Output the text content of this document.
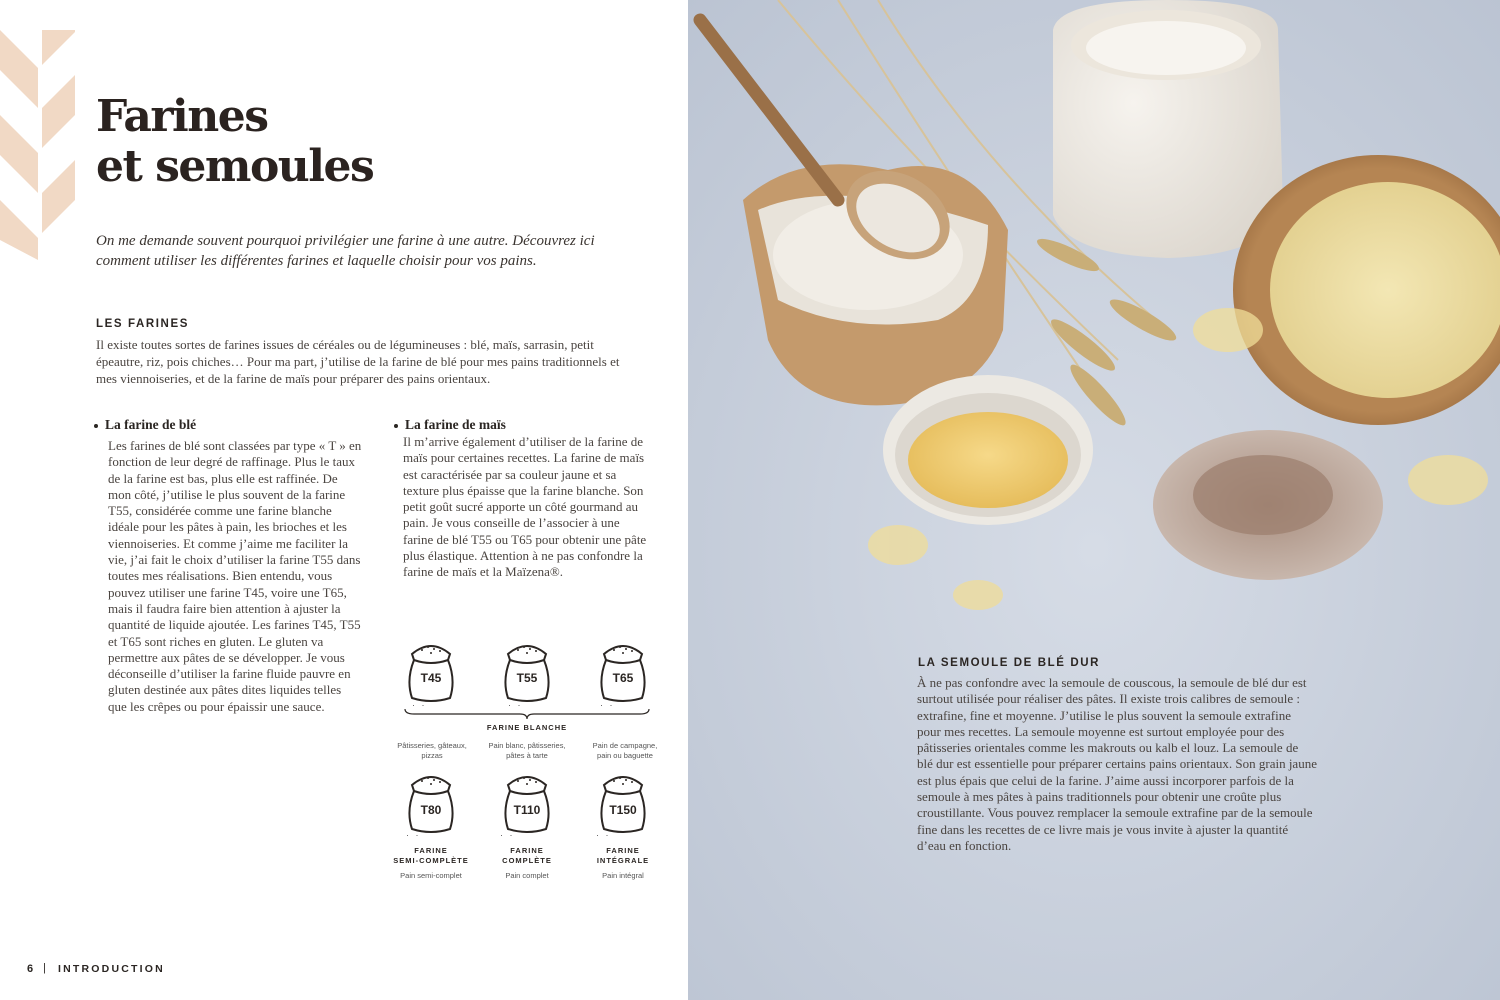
Farines
et semoules

On me demande souvent pourquoi privilégier une farine à une autre. Découvrez ici comment utiliser les différentes farines et laquelle choisir pour vos pains.

LES FARINES

Il existe toutes sortes de farines issues de céréales ou de légumineuses : blé, maïs, sarrasin, petit épeautre, riz, pois chiches… Pour ma part, j’utilise de la farine de blé pour mes pains traditionnels et mes viennoiseries, et de la farine de maïs pour préparer des pains orientaux.

La farine de blé

Les farines de blé sont classées par type « T » en fonction de leur degré de raffinage. Plus le taux de la farine est bas, plus elle est raffinée. De mon côté, j’utilise le plus souvent de la farine T55, considérée comme une farine blanche idéale pour les pâtes à pain, les brioches et les viennoiseries. Et comme j’aime me faciliter la vie, j’ai fait le choix d’utiliser la farine T55 dans toutes mes réalisations. Bien entendu, vous pouvez utiliser une farine T45, voire une T65, mais il faudra faire bien attention à ajuster la quantité de liquide ajoutée. Les farines T45, T55 et T65 sont riches en gluten. Le gluten va permettre aux pâtes de se développer. Je vous déconseille d’utiliser la farine fluide pauvre en gluten destinée aux pâtes dites liquides telles que les crêpes ou pour épaissir une sauce.

La farine de maïs

Il m’arrive également d’utiliser de la farine de maïs pour certaines recettes. La farine de maïs est caractérisée par sa couleur jaune et sa texture plus épaisse que la farine blanche. Son petit goût sucré apporte un côté gourmand au pain. Je vous conseille de l’associer à une farine de blé T55 ou T65 pour obtenir une pâte plus élastique. Attention à ne pas confondre la farine de maïs et la Maïzena®.

T45	T55	T65
· ·	· ·	· ·
FARINE BLANCHE
Pâtisseries, gâteaux, pizzas
Pain blanc, pâtisseries, pâtes à tarte
Pain de campagne, pain ou baguette
T80	T110	T150
· ·	· ·	· ·
FARINE
SEMI-COMPLÈTE
FARINE
COMPLÈTE
FARINE
INTÉGRALE
Pain semi-complet	Pain complet	Pain intégral
6 | INTRODUCTION
LA SEMOULE DE BLÉ DUR

À ne pas confondre avec la semoule de couscous, la semoule de blé dur est surtout utilisée pour réaliser des pâtes. Il existe trois calibres de semoule : extrafine, fine et moyenne. J’utilise le plus souvent la semoule extrafine pour mes recettes. La semoule moyenne est surtout employée pour des pâtisseries orientales comme les makrouts ou kalb el louz. La semoule de blé dur est essentielle pour préparer certains pains orientaux. Son grain jaune est plus épais que celui de la farine. J’aime aussi incorporer parfois de la semoule à mes pâtes à pains traditionnels pour obtenir une croûte plus croustillante. Vous pouvez remplacer la semoule extrafine par de la semoule fine dans les recettes de ce livre mais je vous invite à ajuster la quantité d’eau en fonction.
